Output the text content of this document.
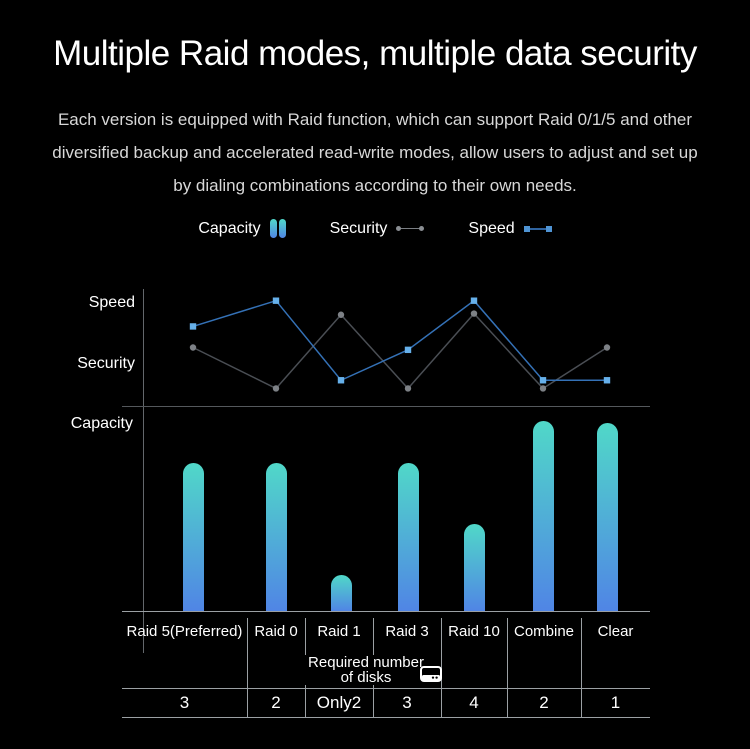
Multiple Raid modes, multiple data security
Each version is equipped with Raid function, which can support Raid 0/1/5 and other
diversified backup and accelerated read-write modes, allow users to adjust and set up
by dialing combinations according to their own needs.
Capacity	Security	Speed
Speed
Security
Capacity
Raid 5(Preferred)
3
Raid 0
2
Raid 1
Only2
Raid 3
3
Raid 10
4
Combine
2
Clear
1
Required number
of disks
